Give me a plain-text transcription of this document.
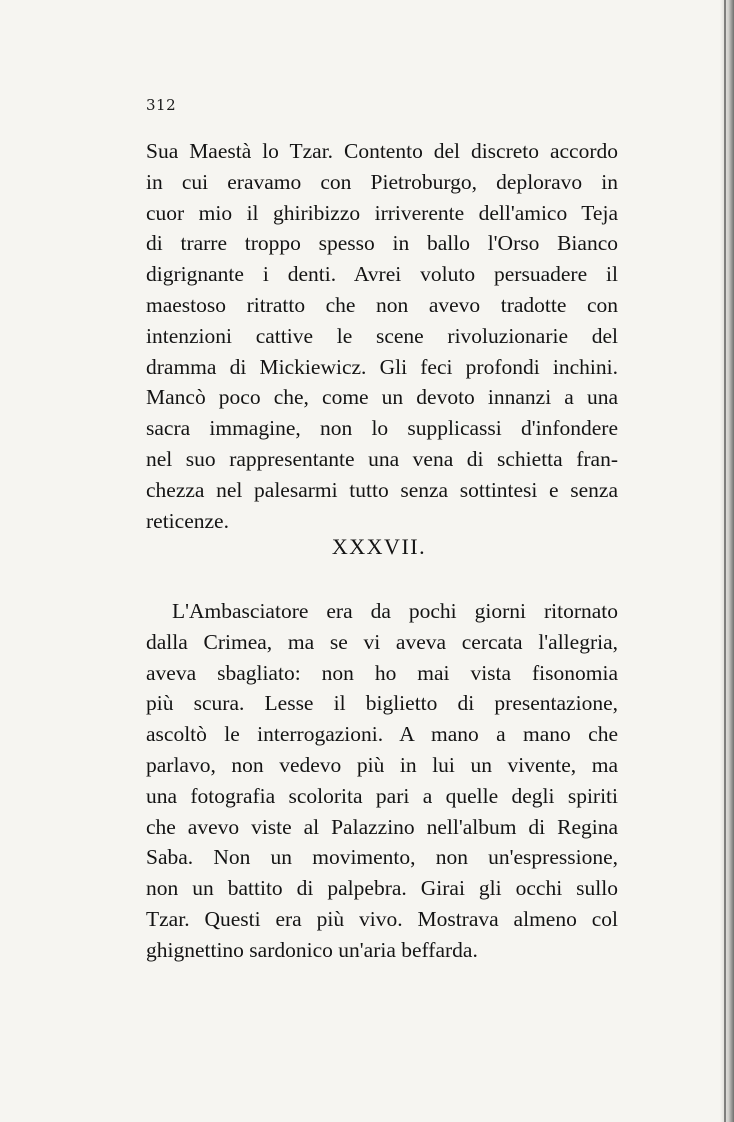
312
Sua Maestà lo Tzar. Contento del discreto accordo
in cui eravamo con Pietroburgo, deploravo in
cuor mio il ghiribizzo irriverente dell'amico Teja
di trarre troppo spesso in ballo l'Orso Bianco
digrignante i denti. Avrei voluto persuadere il
maestoso ritratto che non avevo tradotte con
intenzioni cattive le scene rivoluzionarie del
dramma di Mickiewicz. Gli feci profondi inchini.
Mancò poco che, come un devoto innanzi a una
sacra immagine, non lo supplicassi d'infondere
nel suo rappresentante una vena di schietta fran-
chezza nel palesarmi tutto senza sottintesi e senza
reticenze.
XXXVII.
L'Ambasciatore era da pochi giorni ritornato
dalla Crimea, ma se vi aveva cercata l'allegria,
aveva sbagliato: non ho mai vista fisonomia
più scura. Lesse il biglietto di presentazione,
ascoltò le interrogazioni. A mano a mano che
parlavo, non vedevo più in lui un vivente, ma
una fotografia scolorita pari a quelle degli spiriti
che avevo viste al Palazzino nell'album di Regina
Saba. Non un movimento, non un'espressione,
non un battito di palpebra. Girai gli occhi sullo
Tzar. Questi era più vivo. Mostrava almeno col
ghignettino sardonico un'aria beffarda.
